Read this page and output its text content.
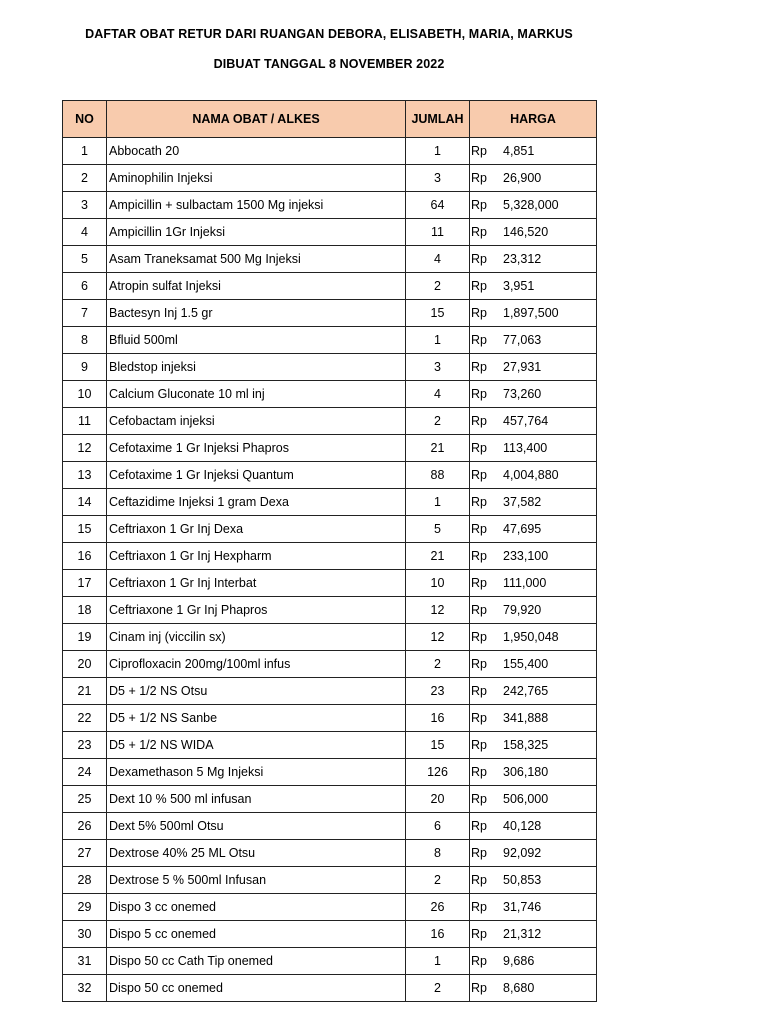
DAFTAR OBAT RETUR DARI RUANGAN DEBORA, ELISABETH, MARIA, MARKUS
DIBUAT TANGGAL 8 NOVEMBER 2022
NO	NAMA OBAT / ALKES	JUMLAH	HARGA
1	Abbocath 20	1	Rp 4,851
2	Aminophilin Injeksi	3	Rp 26,900
3	Ampicillin + sulbactam 1500 Mg injeksi	64	Rp 5,328,000
4	Ampicillin 1Gr Injeksi	11	Rp 146,520
5	Asam Traneksamat 500 Mg Injeksi	4	Rp 23,312
6	Atropin sulfat Injeksi	2	Rp 3,951
7	Bactesyn Inj 1.5 gr	15	Rp 1,897,500
8	Bfluid 500ml	1	Rp 77,063
9	Bledstop injeksi	3	Rp 27,931
10	Calcium Gluconate 10 ml inj	4	Rp 73,260
11	Cefobactam injeksi	2	Rp 457,764
12	Cefotaxime 1 Gr Injeksi Phapros	21	Rp 113,400
13	Cefotaxime 1 Gr Injeksi Quantum	88	Rp 4,004,880
14	Ceftazidime Injeksi 1 gram Dexa	1	Rp 37,582
15	Ceftriaxon 1 Gr Inj Dexa	5	Rp 47,695
16	Ceftriaxon 1 Gr Inj Hexpharm	21	Rp 233,100
17	Ceftriaxon 1 Gr Inj Interbat	10	Rp 111,000
18	Ceftriaxone 1 Gr Inj Phapros	12	Rp 79,920
19	Cinam inj (viccilin sx)	12	Rp 1,950,048
20	Ciprofloxacin 200mg/100ml infus	2	Rp 155,400
21	D5 + 1/2 NS Otsu	23	Rp 242,765
22	D5 + 1/2 NS Sanbe	16	Rp 341,888
23	D5 + 1/2 NS WIDA	15	Rp 158,325
24	Dexamethason 5 Mg Injeksi	126	Rp 306,180
25	Dext 10 % 500 ml infusan	20	Rp 506,000
26	Dext 5% 500ml Otsu	6	Rp 40,128
27	Dextrose 40% 25 ML Otsu	8	Rp 92,092
28	Dextrose 5 % 500ml Infusan	2	Rp 50,853
29	Dispo 3 cc onemed	26	Rp 31,746
30	Dispo 5 cc onemed	16	Rp 21,312
31	Dispo 50 cc Cath Tip onemed	1	Rp 9,686
32	Dispo 50 cc onemed	2	Rp 8,680
